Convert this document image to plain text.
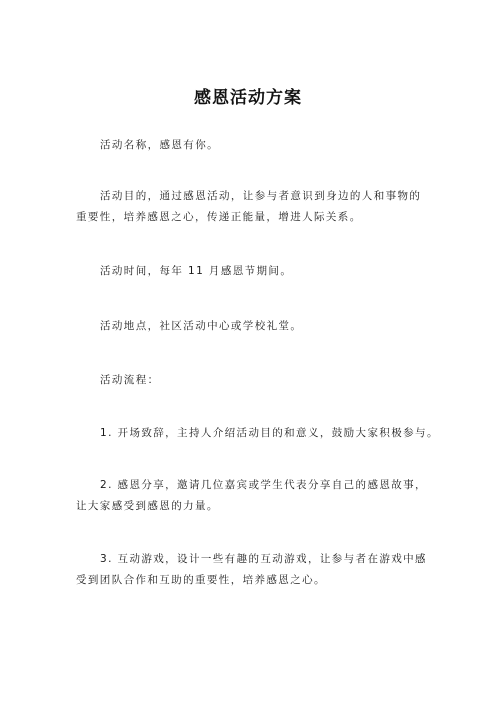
感恩活动方案
活动名称，感恩有你。
活动目的，通过感恩活动，让参与者意识到身边的人和事物的
重要性，培养感恩之心，传递正能量，增进人际关系。
活动时间，每年 11 月感恩节期间。
活动地点，社区活动中心或学校礼堂。
活动流程：
1. 开场致辞，主持人介绍活动目的和意义，鼓励大家积极参与。
2. 感恩分享，邀请几位嘉宾或学生代表分享自己的感恩故事，
让大家感受到感恩的力量。
3. 互动游戏，设计一些有趣的互动游戏，让参与者在游戏中感
受到团队合作和互助的重要性，培养感恩之心。
